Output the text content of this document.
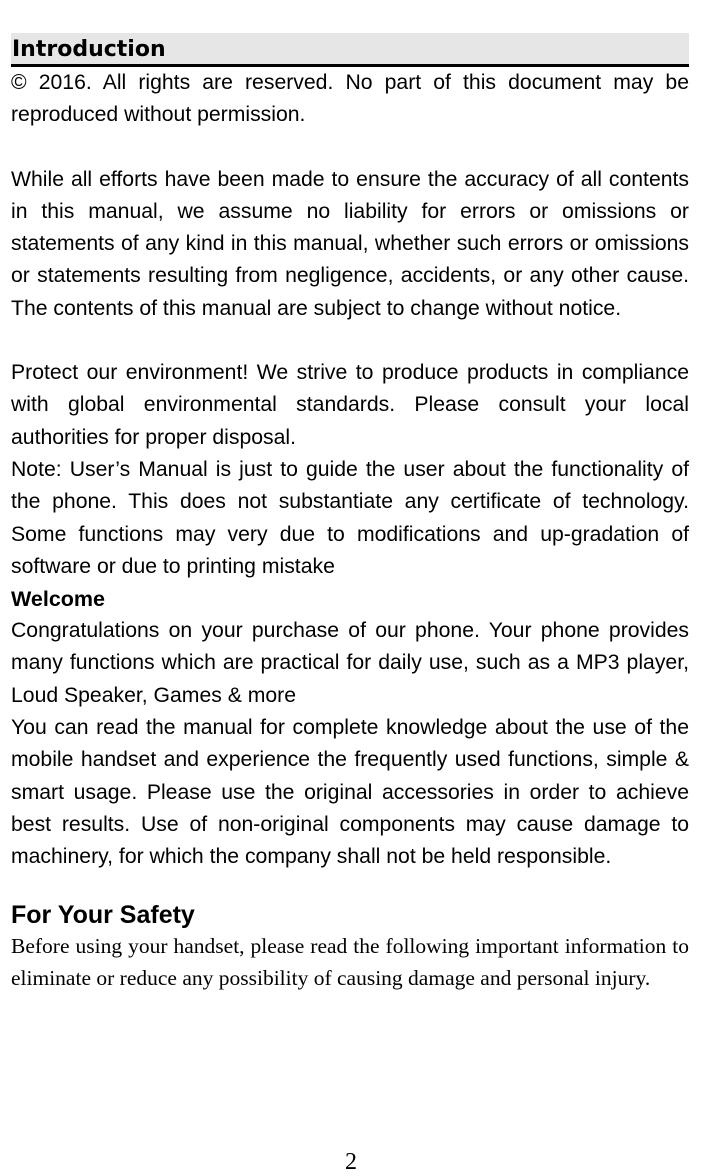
Introduction

© 2016. All rights are reserved. No part of this document may be reproduced without permission.

While all efforts have been made to ensure the accuracy of all contents in this manual, we assume no liability for errors or omissions or statements of any kind in this manual, whether such errors or omissions or statements resulting from negligence, accidents, or any other cause. The contents of this manual are subject to change without notice.

Protect our environment! We strive to produce products in compliance with global environmental standards. Please consult your local authorities for proper disposal.

Note: User’s Manual is just to guide the user about the functionality of the phone. This does not substantiate any certificate of technology. Some functions may very due to modifications and up-gradation of software or due to printing mistake

Welcome

Congratulations on your purchase of our phone. Your phone provides many functions which are practical for daily use, such as a MP3 player, Loud Speaker, Games & more

You can read the manual for complete knowledge about the use of the mobile handset and experience the frequently used functions, simple & smart usage. Please use the original accessories in order to achieve best results. Use of non-original components may cause damage to machinery, for which the company shall not be held responsible.

For Your Safety

Before using your handset, please read the following important information to eliminate or reduce any possibility of causing damage and personal injury.

2
